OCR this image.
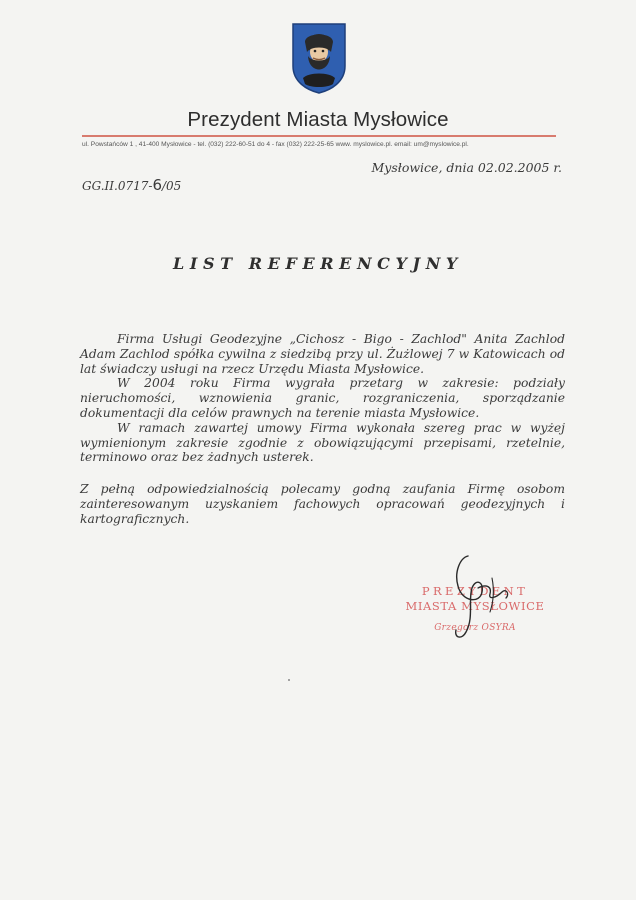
Prezydent Miasta Mysłowice
ul. Powstańców 1 , 41-400 Mysłowice - tel. (032) 222-60-51 do 4 - fax (032) 222-25-65 www. myslowice.pl. email: um@myslowice.pl.
Mysłowice, dnia 02.02.2005 r.
GG.II.0717-6/05
LIST REFERENCYJNY

Firma Usługi Geodezyjne „Cichosz - Bigo - Zachlod" Anita Zachlod Adam Zachlod spółka cywilna z siedzibą przy ul. Żużlowej 7 w Katowicach od lat świadczy usługi na rzecz Urzędu Miasta Mysłowice.

W 2004 roku Firma wygrała przetarg w zakresie: podziały nieruchomości, wznowienia granic, rozgraniczenia, sporządzanie dokumentacji dla celów prawnych na terenie miasta Mysłowice.

W ramach zawartej umowy Firma wykonała szereg prac w wyżej wymienionym zakresie zgodnie z obowiązującymi przepisami, rzetelnie, terminowo oraz bez żadnych usterek.

Z pełną odpowiedzialnością polecamy godną zaufania Firmę osobom zainteresowanym uzyskaniem fachowych opracowań geodezyjnych i kartograficznych.

PREZYDENT
MIASTA MYSŁOWICE
Grzegorz OSYRA
